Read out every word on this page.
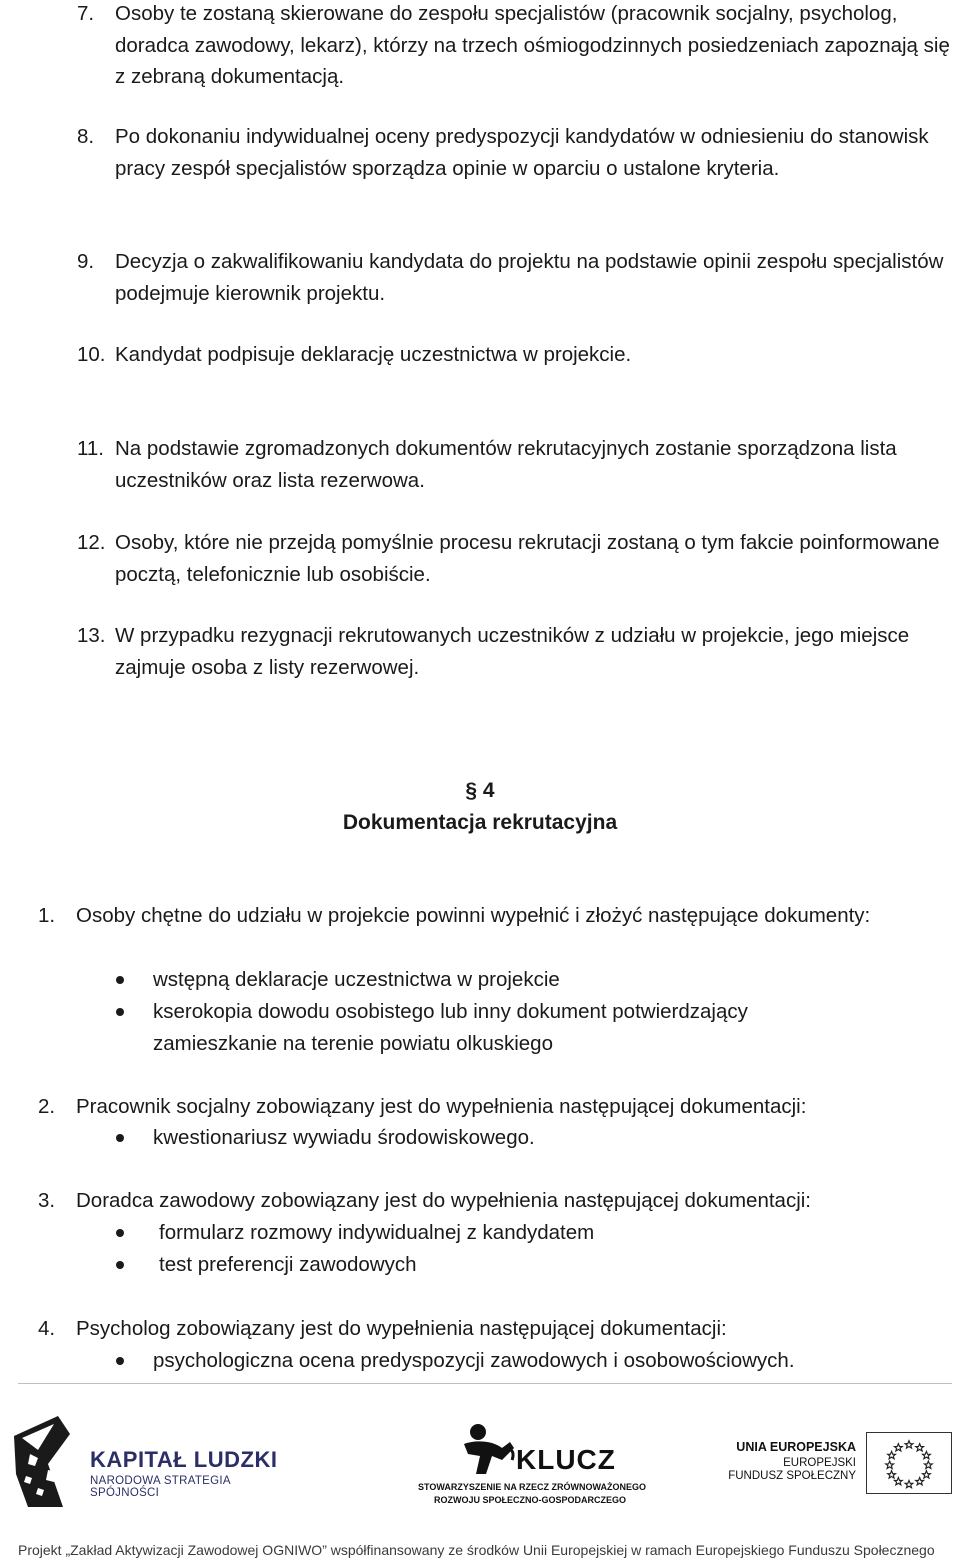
7. Osoby te zostaną skierowane do zespołu specjalistów (pracownik socjalny, psycholog, doradca zawodowy, lekarz), którzy na trzech ośmiogodzinnych posiedzeniach zapoznają się z zebraną dokumentacją.
8. Po dokonaniu indywidualnej oceny predyspozycji kandydatów w odniesieniu do stanowisk pracy zespół specjalistów sporządza opinie w oparciu o ustalone kryteria.
9. Decyzja o zakwalifikowaniu kandydata do projektu na podstawie opinii zespołu specjalistów podejmuje kierownik projektu.
10. Kandydat podpisuje deklarację uczestnictwa w projekcie.
11. Na podstawie zgromadzonych dokumentów rekrutacyjnych zostanie sporządzona lista uczestników oraz lista rezerwowa.
12. Osoby, które nie przejdą pomyślnie procesu rekrutacji zostaną o tym fakcie poinformowane pocztą, telefonicznie lub osobiście.
13. W przypadku rezygnacji rekrutowanych uczestników z udziału w projekcie, jego miejsce zajmuje osoba z listy rezerwowej.
§ 4
Dokumentacja rekrutacyjna
1. Osoby chętne do udziału w projekcie powinni wypełnić i złożyć następujące dokumenty:
wstępną deklaracje uczestnictwa w projekcie
kserokopia dowodu osobistego lub inny dokument potwierdzający zamieszkanie na terenie powiatu olkuskiego
2. Pracownik socjalny zobowiązany jest do wypełnienia następującej dokumentacji:
kwestionariusz wywiadu środowiskowego.
3. Doradca zawodowy zobowiązany jest do wypełnienia następującej dokumentacji:
formularz rozmowy indywidualnej z kandydatem
test preferencji zawodowych
4. Psycholog zobowiązany jest do wypełnienia następującej dokumentacji:
psychologiczna ocena predyspozycji zawodowych i osobowościowych.
KAPITAŁ LUDZKI
NARODOWA STRATEGIA SPÓJNOŚCI
KLUCZ
STOWARZYSZENIE NA RZECZ ZRÓWNOWAŻONEGO
ROZWOJU SPOŁECZNO-GOSPODARCZEGO
UNIA EUROPEJSKA
EUROPEJSKI
FUNDUSZ SPOŁECZNY
Projekt „Zakład Aktywizacji Zawodowej OGNIWO” współfinansowany ze środków Unii Europejskiej w ramach Europejskiego Funduszu Społecznego
